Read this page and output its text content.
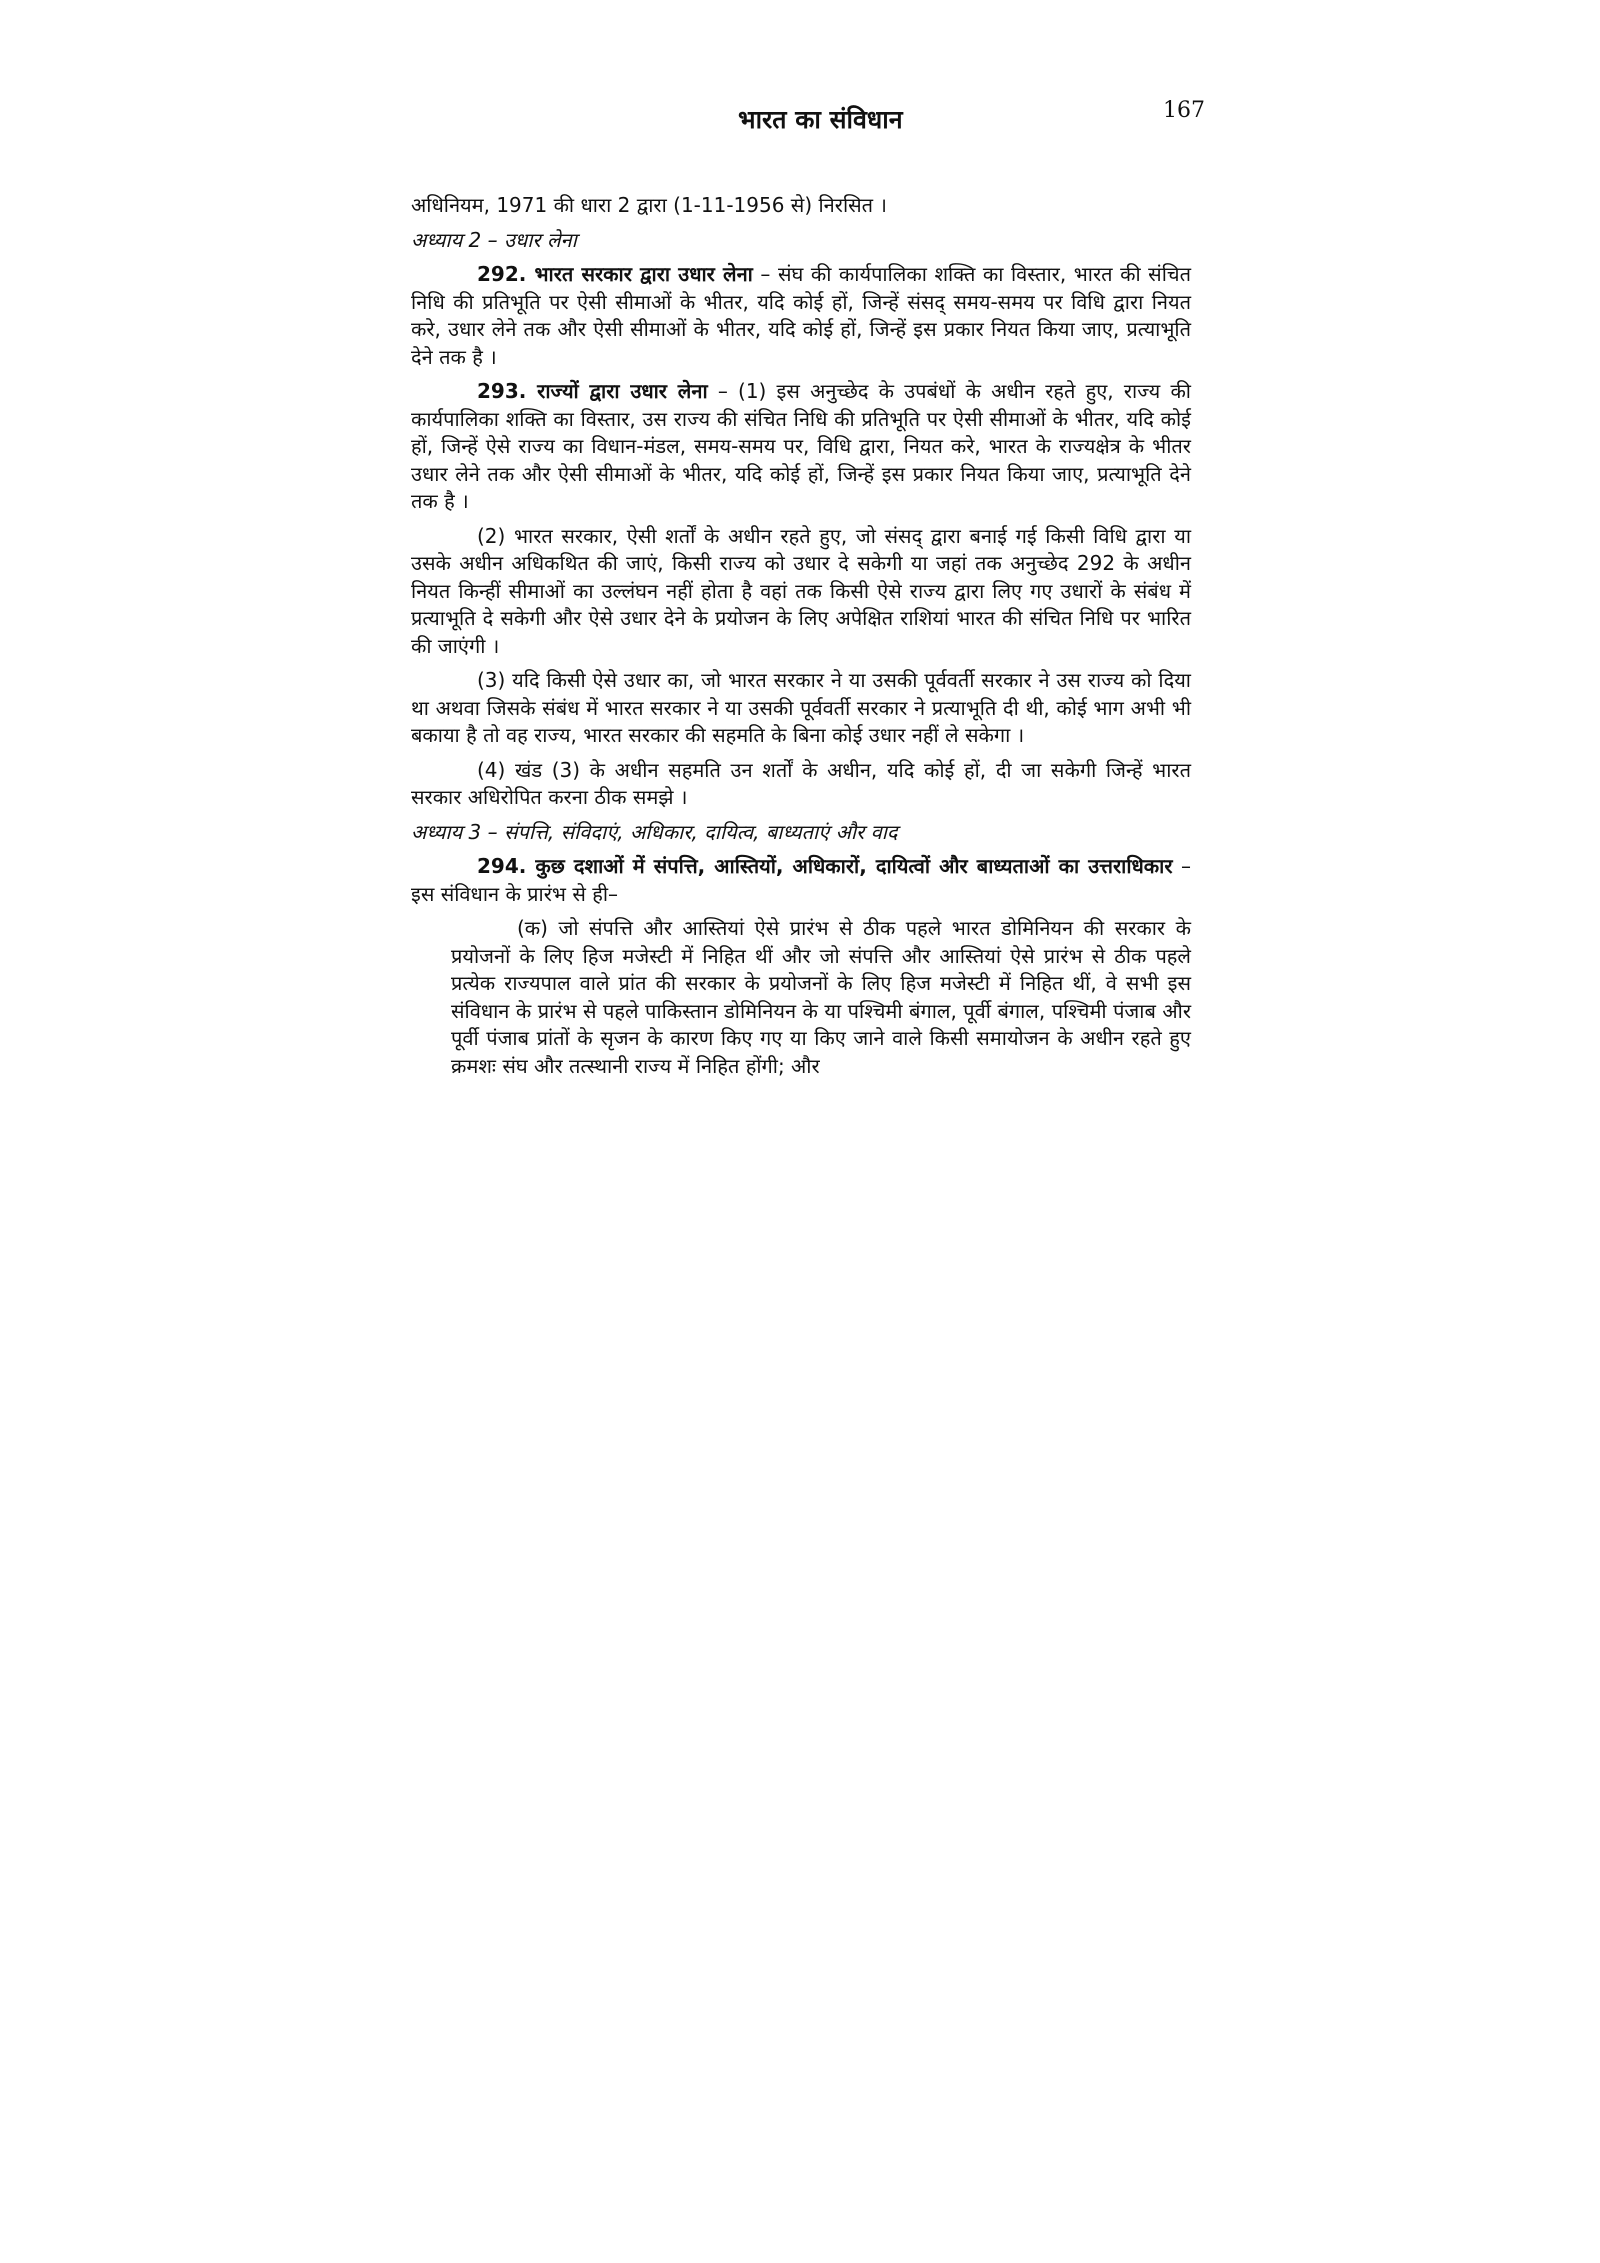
भारत का संविधान	167

अधिनियम, 1971 की धारा 2 द्वारा (1-11-1956 से) निरसित ।

अध्याय 2 – उधार लेना

292. भारत सरकार द्वारा उधार लेना – संघ की कार्यपालिका शक्ति का विस्तार, भारत की संचित निधि की प्रतिभूति पर ऐसी सीमाओं के भीतर, यदि कोई हों, जिन्हें संसद् समय-समय पर विधि द्वारा नियत करे, उधार लेने तक और ऐसी सीमाओं के भीतर, यदि कोई हों, जिन्हें इस प्रकार नियत किया जाए, प्रत्याभूति देने तक है ।

293. राज्यों द्वारा उधार लेना – (1) इस अनुच्छेद के उपबंधों के अधीन रहते हुए, राज्य की कार्यपालिका शक्ति का विस्तार, उस राज्य की संचित निधि की प्रतिभूति पर ऐसी सीमाओं के भीतर, यदि कोई हों, जिन्हें ऐसे राज्य का विधान-मंडल, समय-समय पर, विधि द्वारा, नियत करे, भारत के राज्यक्षेत्र के भीतर उधार लेने तक और ऐसी सीमाओं के भीतर, यदि कोई हों, जिन्हें इस प्रकार नियत किया जाए, प्रत्याभूति देने तक है ।

(2) भारत सरकार, ऐसी शर्तों के अधीन रहते हुए, जो संसद् द्वारा बनाई गई किसी विधि द्वारा या उसके अधीन अधिकथित की जाएं, किसी राज्य को उधार दे सकेगी या जहां तक अनुच्छेद 292 के अधीन नियत किन्हीं सीमाओं का उल्लंघन नहीं होता है वहां तक किसी ऐसे राज्य द्वारा लिए गए उधारों के संबंध में प्रत्याभूति दे सकेगी और ऐसे उधार देने के प्रयोजन के लिए अपेक्षित राशियां भारत की संचित निधि पर भारित की जाएंगी ।

(3) यदि किसी ऐसे उधार का, जो भारत सरकार ने या उसकी पूर्ववर्ती सरकार ने उस राज्य को दिया था अथवा जिसके संबंध में भारत सरकार ने या उसकी पूर्ववर्ती सरकार ने प्रत्याभूति दी थी, कोई भाग अभी भी बकाया है तो वह राज्य, भारत सरकार की सहमति के बिना कोई उधार नहीं ले सकेगा ।

(4) खंड (3) के अधीन सहमति उन शर्तों के अधीन, यदि कोई हों, दी जा सकेगी जिन्हें भारत सरकार अधिरोपित करना ठीक समझे ।

अध्याय 3 – संपत्ति, संविदाएं, अधिकार, दायित्व, बाध्यताएं और वाद

294. कुछ दशाओं में संपत्ति, आस्तियों, अधिकारों, दायित्वों और बाध्यताओं का उत्तराधिकार – इस संविधान के प्रारंभ से ही–

(क) जो संपत्ति और आस्तियां ऐसे प्रारंभ से ठीक पहले भारत डोमिनियन की सरकार के प्रयोजनों के लिए हिज मजेस्टी में निहित थीं और जो संपत्ति और आस्तियां ऐसे प्रारंभ से ठीक पहले प्रत्येक राज्यपाल वाले प्रांत की सरकार के प्रयोजनों के लिए हिज मजेस्टी में निहित थीं, वे सभी इस संविधान के प्रारंभ से पहले पाकिस्तान डोमिनियन के या पश्चिमी बंगाल, पूर्वी बंगाल, पश्चिमी पंजाब और पूर्वी पंजाब प्रांतों के सृजन के कारण किए गए या किए जाने वाले किसी समायोजन के अधीन रहते हुए क्रमशः संघ और तत्स्थानी राज्य में निहित होंगी; और
